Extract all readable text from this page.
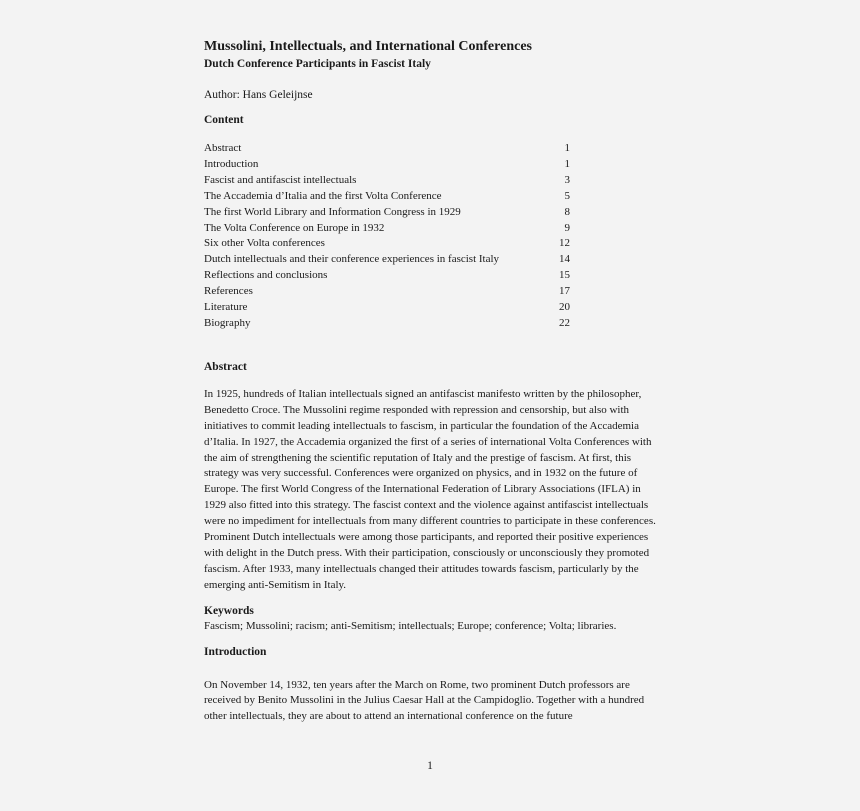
Mussolini, Intellectuals, and International Conferences
Dutch Conference Participants in Fascist Italy

Author: Hans Geleijnse

Content
Abstract	1
Introduction	1
Fascist and antifascist intellectuals	3
The Accademia d’Italia and the first Volta Conference	5
The first World Library and Information Congress in 1929	8
The Volta Conference on Europe in 1932	9
Six other Volta conferences	12
Dutch intellectuals and their conference experiences in fascist Italy	14
Reflections and conclusions	15
References	17
Literature	20
Biography	22
Abstract

In 1925, hundreds of Italian intellectuals signed an antifascist manifesto written by the philosopher, Benedetto Croce. The Mussolini regime responded with repression and censorship, but also with initiatives to commit leading intellectuals to fascism, in particular the foundation of the Accademia d’Italia. In 1927, the Accademia organized the first of a series of international Volta Conferences with the aim of strengthening the scientific reputation of Italy and the prestige of fascism. At first, this strategy was very successful. Conferences were organized on physics, and in 1932 on the future of Europe. The first World Congress of the International Federation of Library Associations (IFLA) in 1929 also fitted into this strategy. The fascist context and the violence against antifascist intellectuals were no impediment for intellectuals from many different countries to participate in these conferences. Prominent Dutch intellectuals were among those participants, and reported their positive experiences with delight in the Dutch press. With their participation, consciously or unconsciously they promoted fascism. After 1933, many intellectuals changed their attitudes towards fascism, particularly by the emerging anti-Semitism in Italy.

Keywords

Fascism; Mussolini; racism; anti-Semitism; intellectuals; Europe; conference; Volta; libraries.

Introduction

On November 14, 1932, ten years after the March on Rome, two prominent Dutch professors are received by Benito Mussolini in the Julius Caesar Hall at the Campidoglio. Together with a hundred other intellectuals, they are about to attend an international conference on the future

1
